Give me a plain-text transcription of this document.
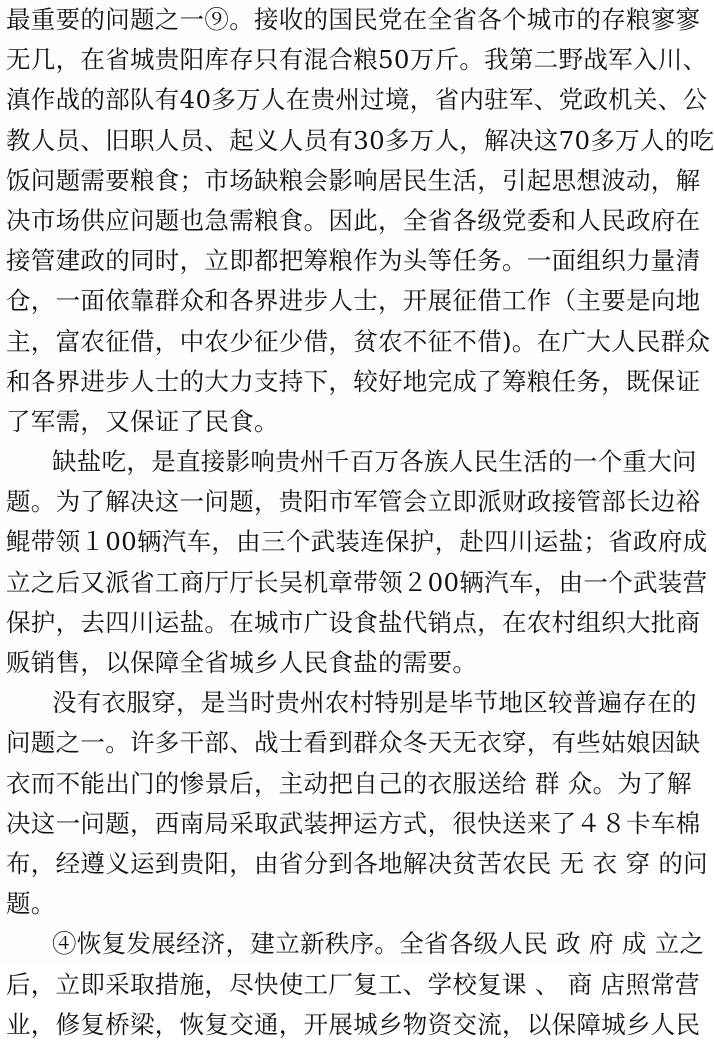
最重要的问题之一⑨。接收的国民党在全省各个城市的存粮寥寥
无几，在省城贵阳库存只有混合粮50万斤。我第二野战军入川、
滇作战的部队有40多万人在贵州过境，省内驻军、党政机关、公
教人员、旧职人员、起义人员有30多万人，解决这70多万人的吃
饭问题需要粮食；市场缺粮会影响居民生活，引起思想波动，解
决市场供应问题也急需粮食。因此，全省各级党委和人民政府在
接管建政的同时，立即都把筹粮作为头等任务。一面组织力量清
仓，一面依靠群众和各界进步人士，开展征借工作（主要是向地
主，富农征借，中农少征少借，贫农不征不借)。在广大人民群众
和各界进步人士的大力支持下，较好地完成了筹粮任务，既保证
了军需，又保证了民食。
缺盐吃，是直接影响贵州千百万各族人民生活的一个重大问
题。为了解决这一问题，贵阳市军管会立即派财政接管部长边裕
鲲带领１00辆汽车，由三个武装连保护，赴四川运盐；省政府成
立之后又派省工商厅厅长吴机章带领２00辆汽车，由一个武装营
保护，去四川运盐。在城市广设食盐代销点，在农村组织大批商
贩销售，以保障全省城乡人民食盐的需要。
没有衣服穿，是当时贵州农村特别是毕节地区较普遍存在的
问题之一。许多干部、战士看到群众冬天无衣穿，有些姑娘因缺
衣而不能出门的惨景后，主动把自己的衣服送给 群 众。为了解
决这一问题，西南局采取武装押运方式，很快送来了４８卡车棉
布，经遵义运到贵阳，由省分到各地解决贫苦农民 无 衣 穿 的问
题。
④恢复发展经济，建立新秩序。全省各级人民 政 府 成 立之
后，立即采取措施，尽快使工厂复工、学校复课 、 商 店照常营
业，修复桥梁，恢复交通，开展城乡物资交流，以保障城乡人民
